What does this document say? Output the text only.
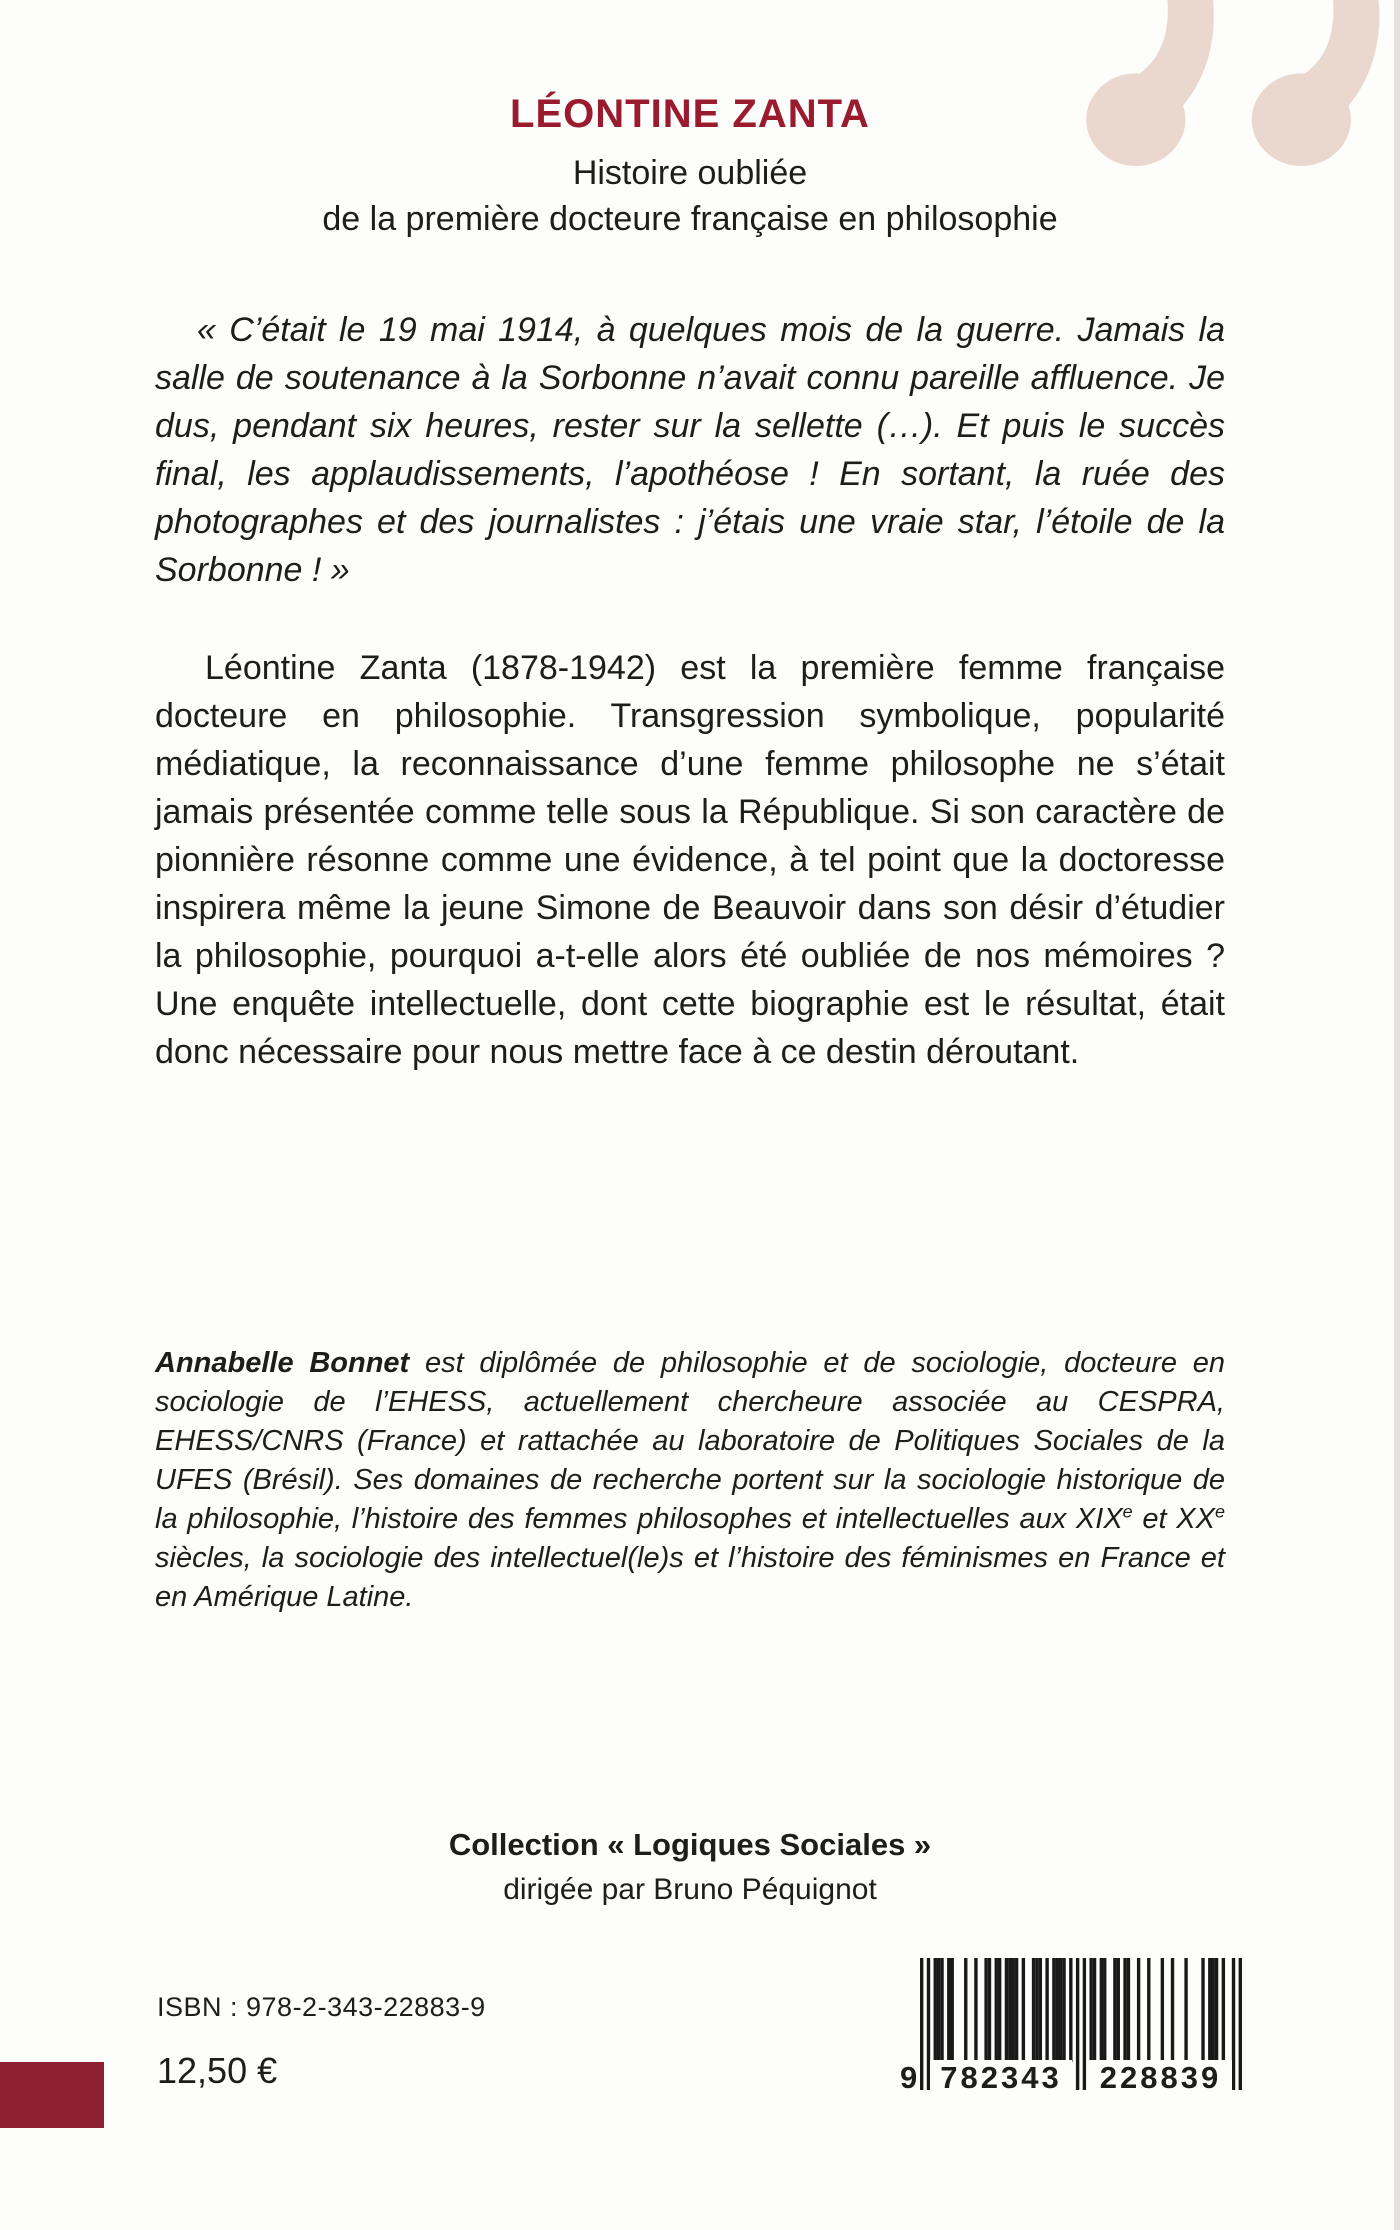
LÉONTINE ZANTA
Histoire oubliée
de la première docteure française en philosophie

« C’était le 19 mai 1914, à quelques mois de la guerre. Jamais la salle de soutenance à la Sorbonne n’avait connu pareille affluence. Je dus, pendant six heures, rester sur la sellette (…). Et puis le succès final, les applaudissements, l’apothéose ! En sortant, la ruée des photographes et des journalistes : j’étais une vraie star, l’étoile de la Sorbonne ! »

Léontine Zanta (1878-1942) est la première femme française docteure en philosophie. Transgression symbolique, popularité médiatique, la reconnaissance d’une femme philosophe ne s’était jamais présentée comme telle sous la République. Si son caractère de pionnière résonne comme une évidence, à tel point que la doctoresse inspirera même la jeune Simone de Beauvoir dans son désir d’étudier la philosophie, pourquoi a-t-elle alors été oubliée de nos mémoires ? Une enquête intellectuelle, dont cette biographie est le résultat, était donc nécessaire pour nous mettre face à ce destin déroutant.

Annabelle Bonnet est diplômée de philosophie et de sociologie, docteure en sociologie de l’EHESS, actuellement chercheure associée au CESPRA, EHESS/CNRS (France) et rattachée au laboratoire de Politiques Sociales de la UFES (Brésil). Ses domaines de recherche portent sur la sociologie historique de la philosophie, l’histoire des femmes philosophes et intellectuelles aux XIXe et XXe siècles, la sociologie des intellectuel(le)s et l’histoire des féminismes en France et en Amérique Latine.

Collection « Logiques Sociales »
dirigée par Bruno Péquignot
ISBN : 978-2-343-22883-9
12,50 €	9 782343	228839
